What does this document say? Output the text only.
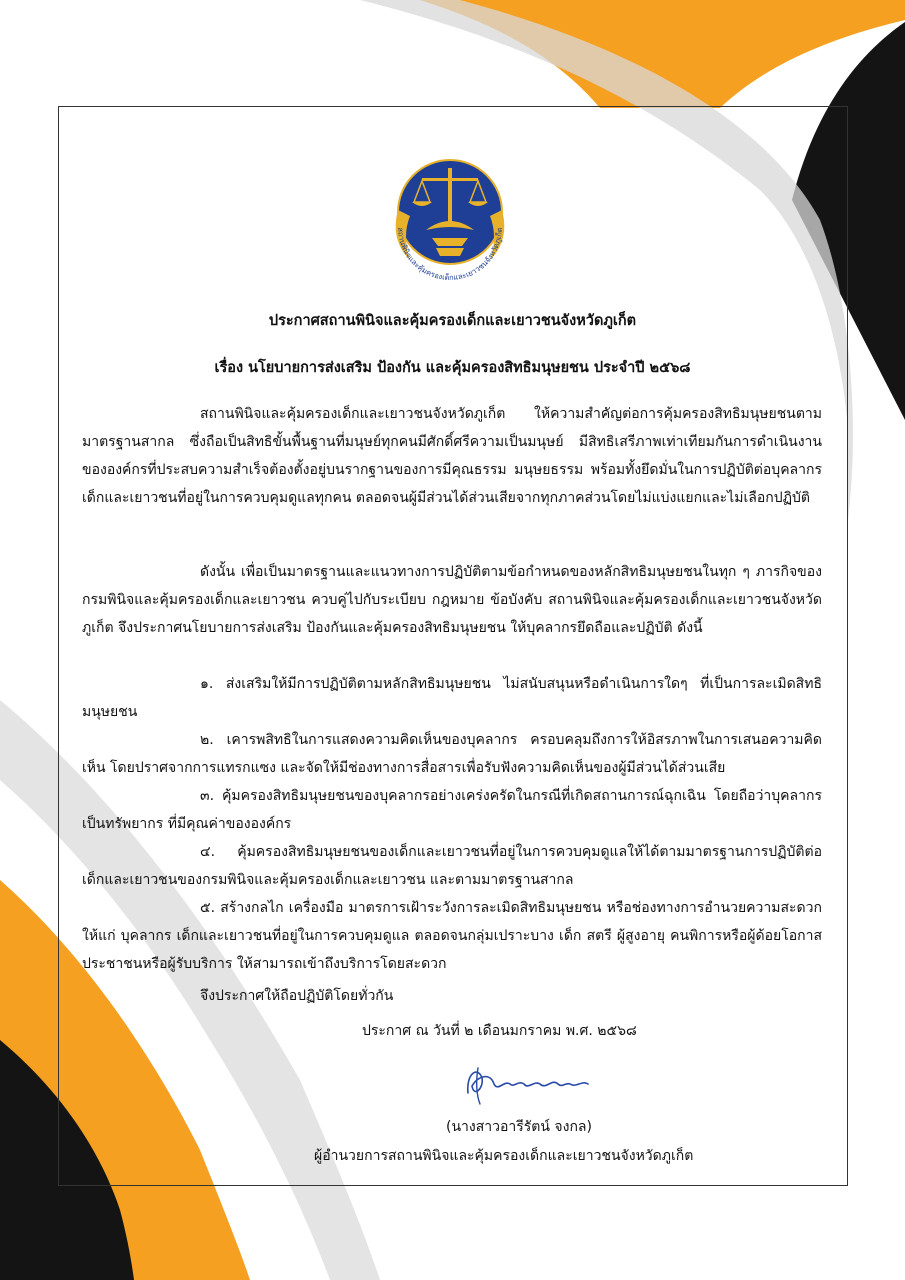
สถานพินิจและคุ้มครองเด็กและเยาวชนจังหวัดภูเก็ต
ประกาศสถานพินิจและคุ้มครองเด็กและเยาวชนจังหวัดภูเก็ต
เรื่อง นโยบายการส่งเสริม ป้องกัน และคุ้มครองสิทธิมนุษยชน ประจำปี ๒๕๖๘
สถานพินิจและคุ้มครองเด็กและเยาวชนจังหวัดภูเก็ต ให้ความสำคัญต่อการคุ้มครองสิทธิมนุษยชนตามมาตรฐานสากล ซึ่งถือเป็นสิทธิขั้นพื้นฐานที่มนุษย์ทุกคนมีศักดิ์ศรีความเป็นมนุษย์ มีสิทธิเสรีภาพเท่าเทียมกันการดำเนินงานขององค์กรที่ประสบความสำเร็จต้องตั้งอยู่บนรากฐานของการมีคุณธรรม มนุษยธรรม พร้อมทั้งยึดมั่นในการปฏิบัติต่อบุคลากร เด็กและเยาวชนที่อยู่ในการควบคุมดูแลทุกคน ตลอดจนผู้มีส่วนได้ส่วนเสียจากทุกภาคส่วนโดยไม่แบ่งแยกและไม่เลือกปฏิบัติ
ดังนั้น เพื่อเป็นมาตรฐานและแนวทางการปฏิบัติตามข้อกำหนดของหลักสิทธิมนุษยชนในทุก ๆ ภารกิจของกรมพินิจและคุ้มครองเด็กและเยาวชน ควบคู่ไปกับระเบียบ กฎหมาย ข้อบังคับ สถานพินิจและคุ้มครองเด็กและเยาวชนจังหวัดภูเก็ต จึงประกาศนโยบายการส่งเสริม ป้องกันและคุ้มครองสิทธิมนุษยชน ให้บุคลากรยึดถือและปฏิบัติ ดังนี้
๑. ส่งเสริมให้มีการปฏิบัติตามหลักสิทธิมนุษยชน ไม่สนับสนุนหรือดำเนินการใดๆ ที่เป็นการละเมิดสิทธิมนุษยชน
๒. เคารพสิทธิในการแสดงความคิดเห็นของบุคลากร ครอบคลุมถึงการให้อิสรภาพในการเสนอความคิดเห็น โดยปราศจากการแทรกแซง และจัดให้มีช่องทางการสื่อสารเพื่อรับฟังความคิดเห็นของผู้มีส่วนได้ส่วนเสีย
๓. คุ้มครองสิทธิมนุษยชนของบุคลากรอย่างเคร่งครัดในกรณีที่เกิดสถานการณ์ฉุกเฉิน โดยถือว่าบุคลากรเป็นทรัพยากร ที่มีคุณค่าขององค์กร
๔. คุ้มครองสิทธิมนุษยชนของเด็กและเยาวชนที่อยู่ในการควบคุมดูแลให้ได้ตามมาตรฐานการปฏิบัติต่อเด็กและเยาวชนของกรมพินิจและคุ้มครองเด็กและเยาวชน และตามมาตรฐานสากล
๕. สร้างกลไก เครื่องมือ มาตรการเฝ้าระวังการละเมิดสิทธิมนุษยชน หรือช่องทางการอำนวยความสะดวกให้แก่ บุคลากร เด็กและเยาวชนที่อยู่ในการควบคุมดูแล ตลอดจนกลุ่มเปราะบาง เด็ก สตรี ผู้สูงอายุ คนพิการหรือผู้ด้อยโอกาส ประชาชนหรือผู้รับบริการ ให้สามารถเข้าถึงบริการโดยสะดวก
จึงประกาศให้ถือปฏิบัติโดยทั่วกัน
ประกาศ ณ วันที่ ๒ เดือนมกราคม พ.ศ. ๒๕๖๘
(นางสาวอารีรัตน์ จงกล)
ผู้อำนวยการสถานพินิจและคุ้มครองเด็กและเยาวชนจังหวัดภูเก็ต
